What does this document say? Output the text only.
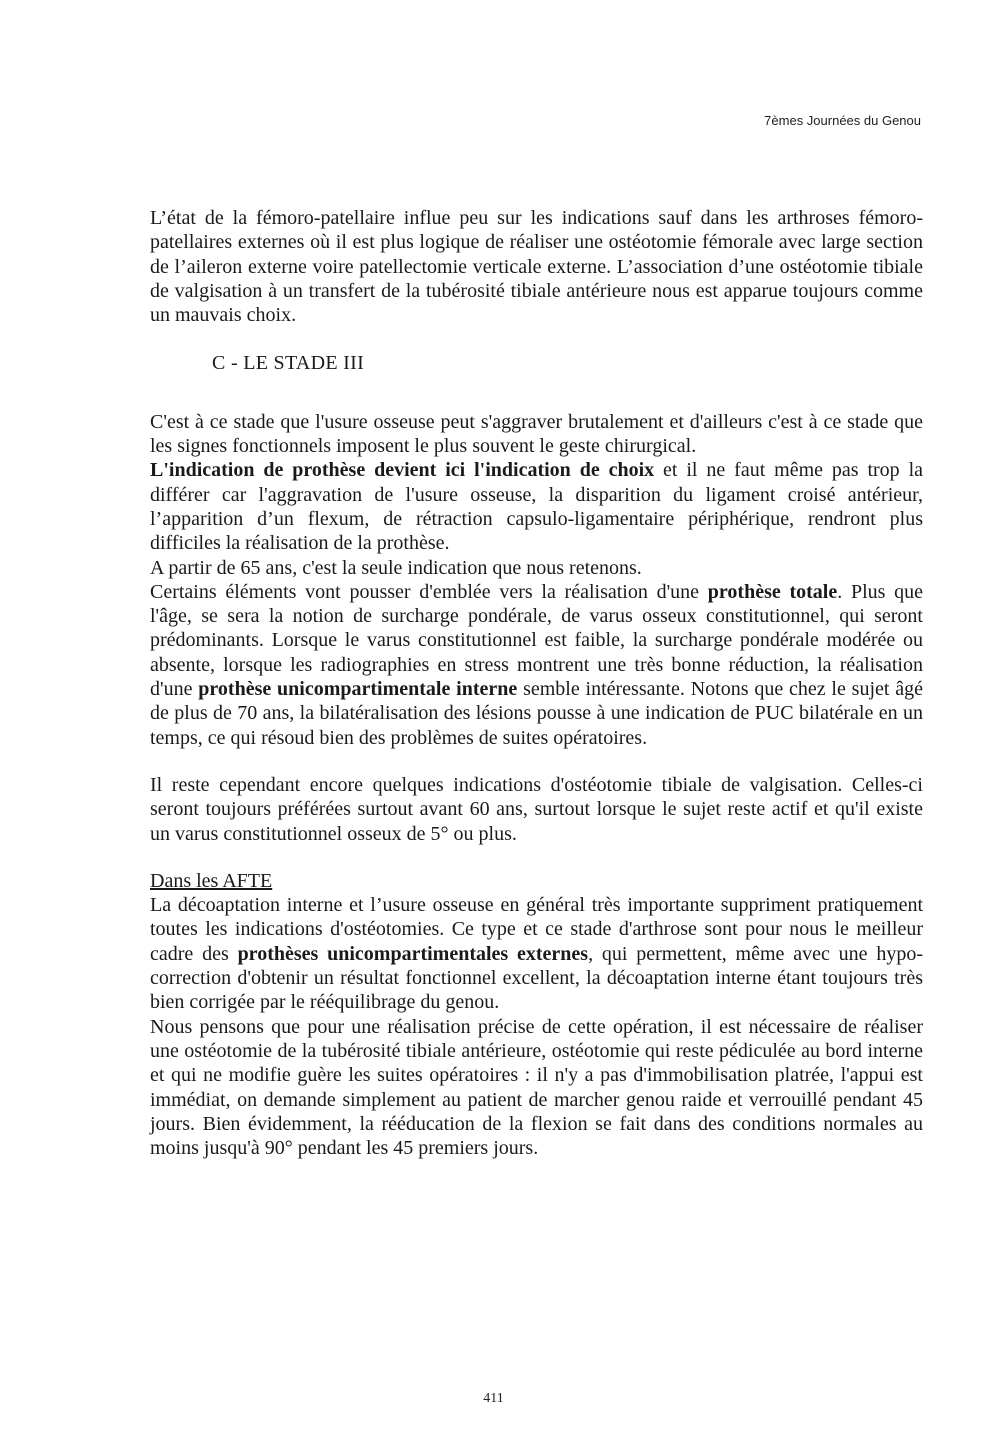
7èmes Journées du Genou

L’état de la fémoro-patellaire influe peu sur les indications sauf dans les arthroses fémoro-patellaires externes où il est plus logique de réaliser une ostéotomie fémorale avec large section de l’aileron externe voire patellectomie verticale externe. L’association d’une ostéotomie tibiale de valgisation à un transfert de la tubérosité tibiale antérieure nous est apparue toujours comme un mauvais choix.

C - LE STADE III

C'est à ce stade que l'usure osseuse peut s'aggraver brutalement et d'ailleurs c'est à ce stade que les signes fonctionnels imposent le plus souvent le geste chirurgical.

L'indication de prothèse devient ici l'indication de choix et il ne faut même pas trop la différer car l'aggravation de l'usure osseuse, la disparition du ligament croisé antérieur, l’apparition d’un flexum, de rétraction capsulo-ligamentaire périphérique, rendront plus difficiles la réalisation de la prothèse.

A partir de 65 ans, c'est la seule indication que nous retenons.

Certains éléments vont pousser d'emblée vers la réalisation d'une prothèse totale. Plus que l'âge, se sera la notion de surcharge pondérale, de varus osseux constitutionnel, qui seront prédominants. Lorsque le varus constitutionnel est faible, la surcharge pondérale modérée ou absente, lorsque les radiographies en stress montrent une très bonne réduction, la réalisation d'une prothèse unicompartimentale interne semble intéressante. Notons que chez le sujet âgé de plus de 70 ans, la bilatéralisation des lésions pousse à une indication de PUC bilatérale en un temps, ce qui résoud bien des problèmes de suites opératoires.

Il reste cependant encore quelques indications d'ostéotomie tibiale de valgisation. Celles-ci seront toujours préférées surtout avant 60 ans, surtout lorsque le sujet reste actif et qu'il existe un varus constitutionnel osseux de 5° ou plus.

Dans les AFTE

La décoaptation interne et l’usure osseuse en général très importante suppriment pratiquement toutes les indications d'ostéotomies. Ce type et ce stade d'arthrose sont pour nous le meilleur cadre des prothèses unicompartimentales externes, qui permettent, même avec une hypo-correction d'obtenir un résultat fonctionnel excellent, la décoaptation interne étant toujours très bien corrigée par le rééquilibrage du genou.

Nous pensons que pour une réalisation précise de cette opération, il est nécessaire de réaliser une ostéotomie de la tubérosité tibiale antérieure, ostéotomie qui reste pédiculée au bord interne et qui ne modifie guère les suites opératoires : il n'y a pas d'immobilisation platrée, l'appui est immédiat, on demande simplement au patient de marcher genou raide et verrouillé pendant 45 jours. Bien évidemment, la rééducation de la flexion se fait dans des conditions normales au moins jusqu'à 90° pendant les 45 premiers jours.

411
